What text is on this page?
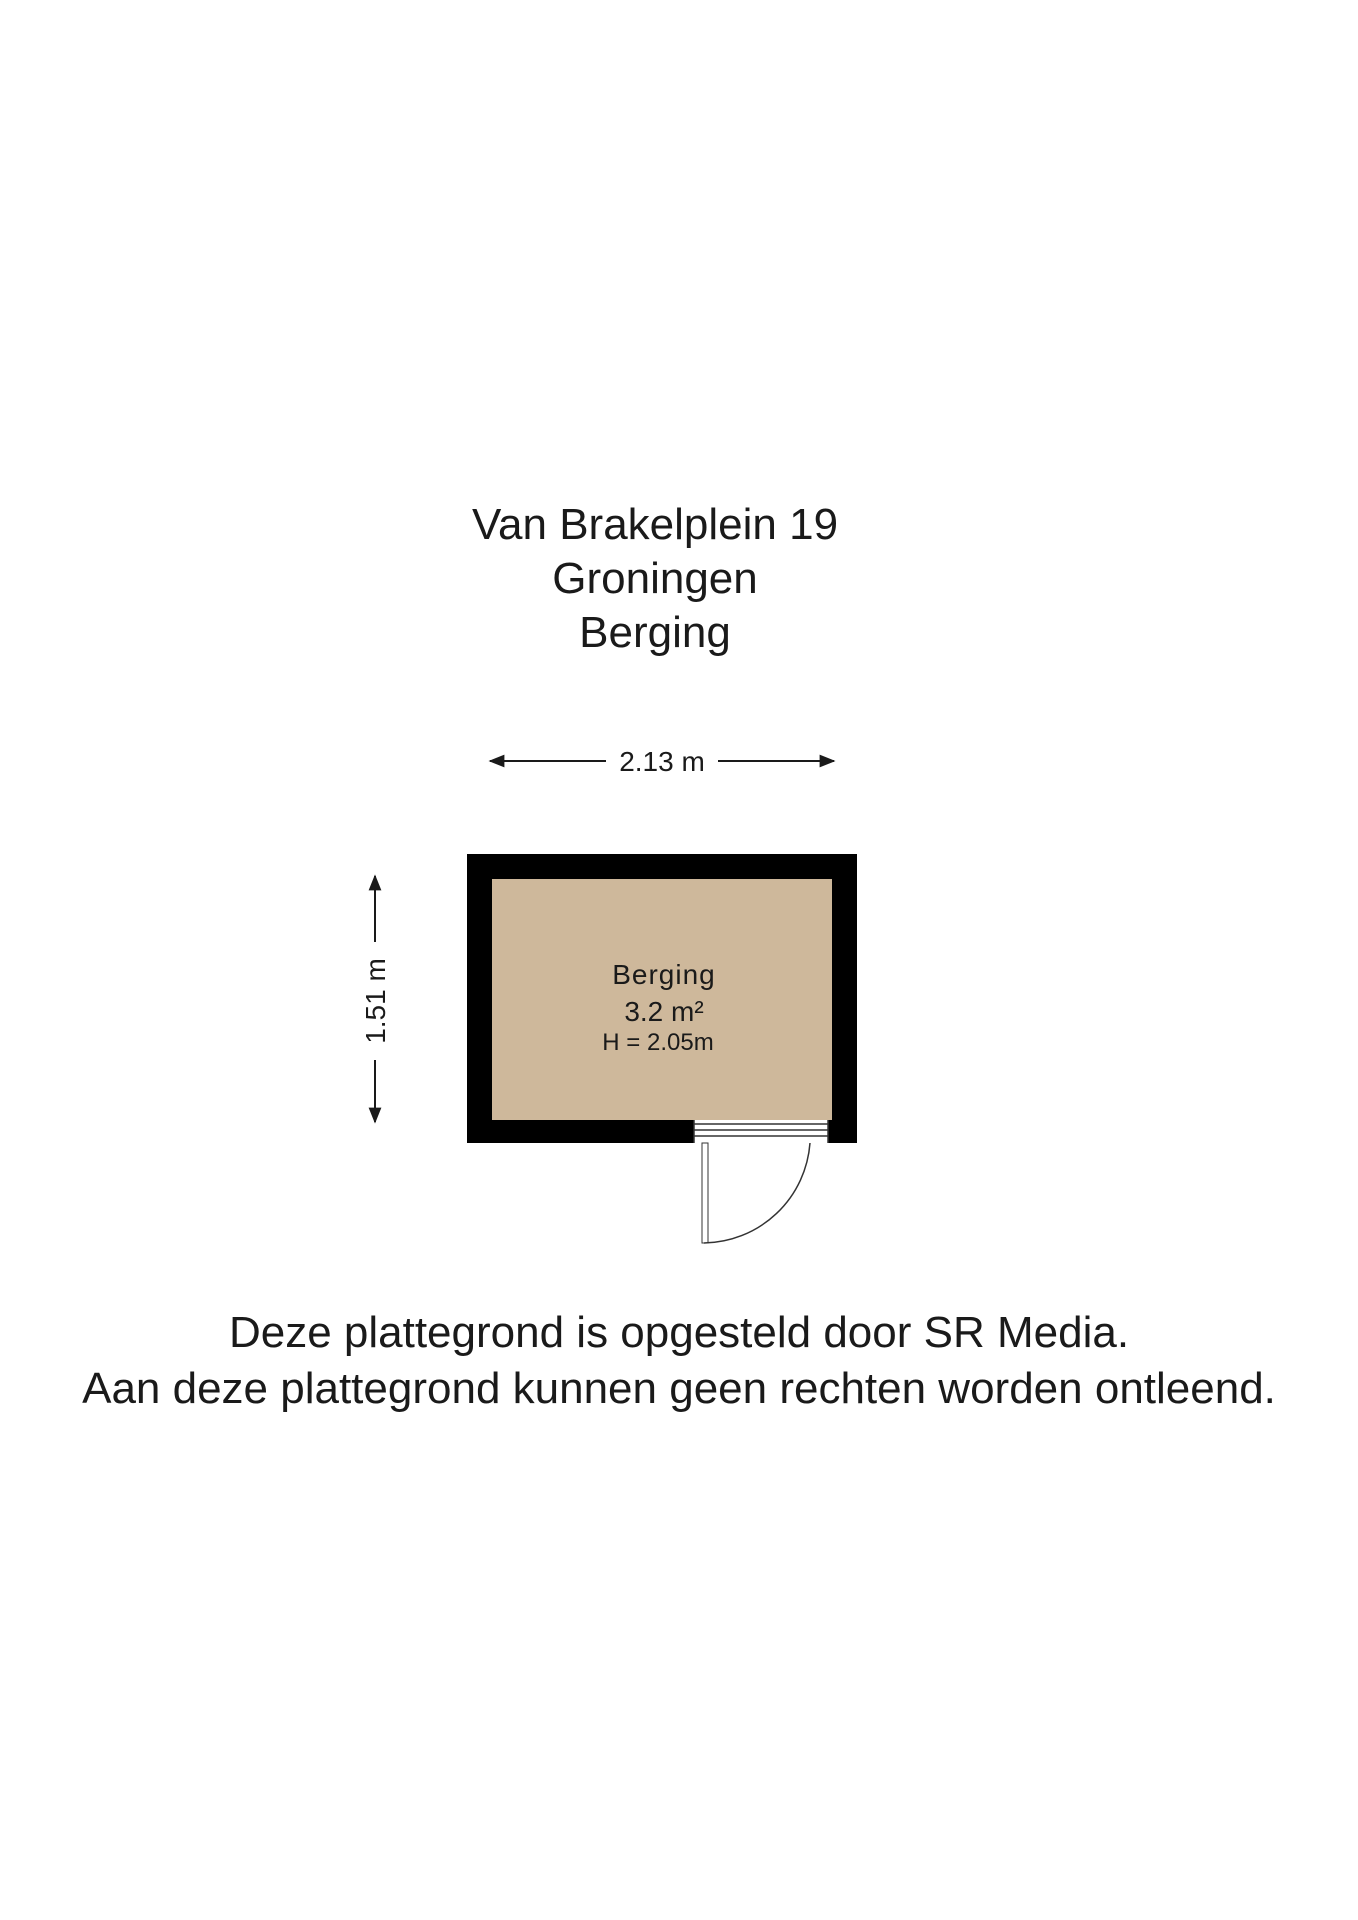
Van Brakelplein 19
Groningen
Berging
2.13 m
1.51 m	Berging
3.2 m²
H = 2.05m
Deze plattegrond is opgesteld door SR Media.
Aan deze plattegrond kunnen geen rechten worden ontleend.
